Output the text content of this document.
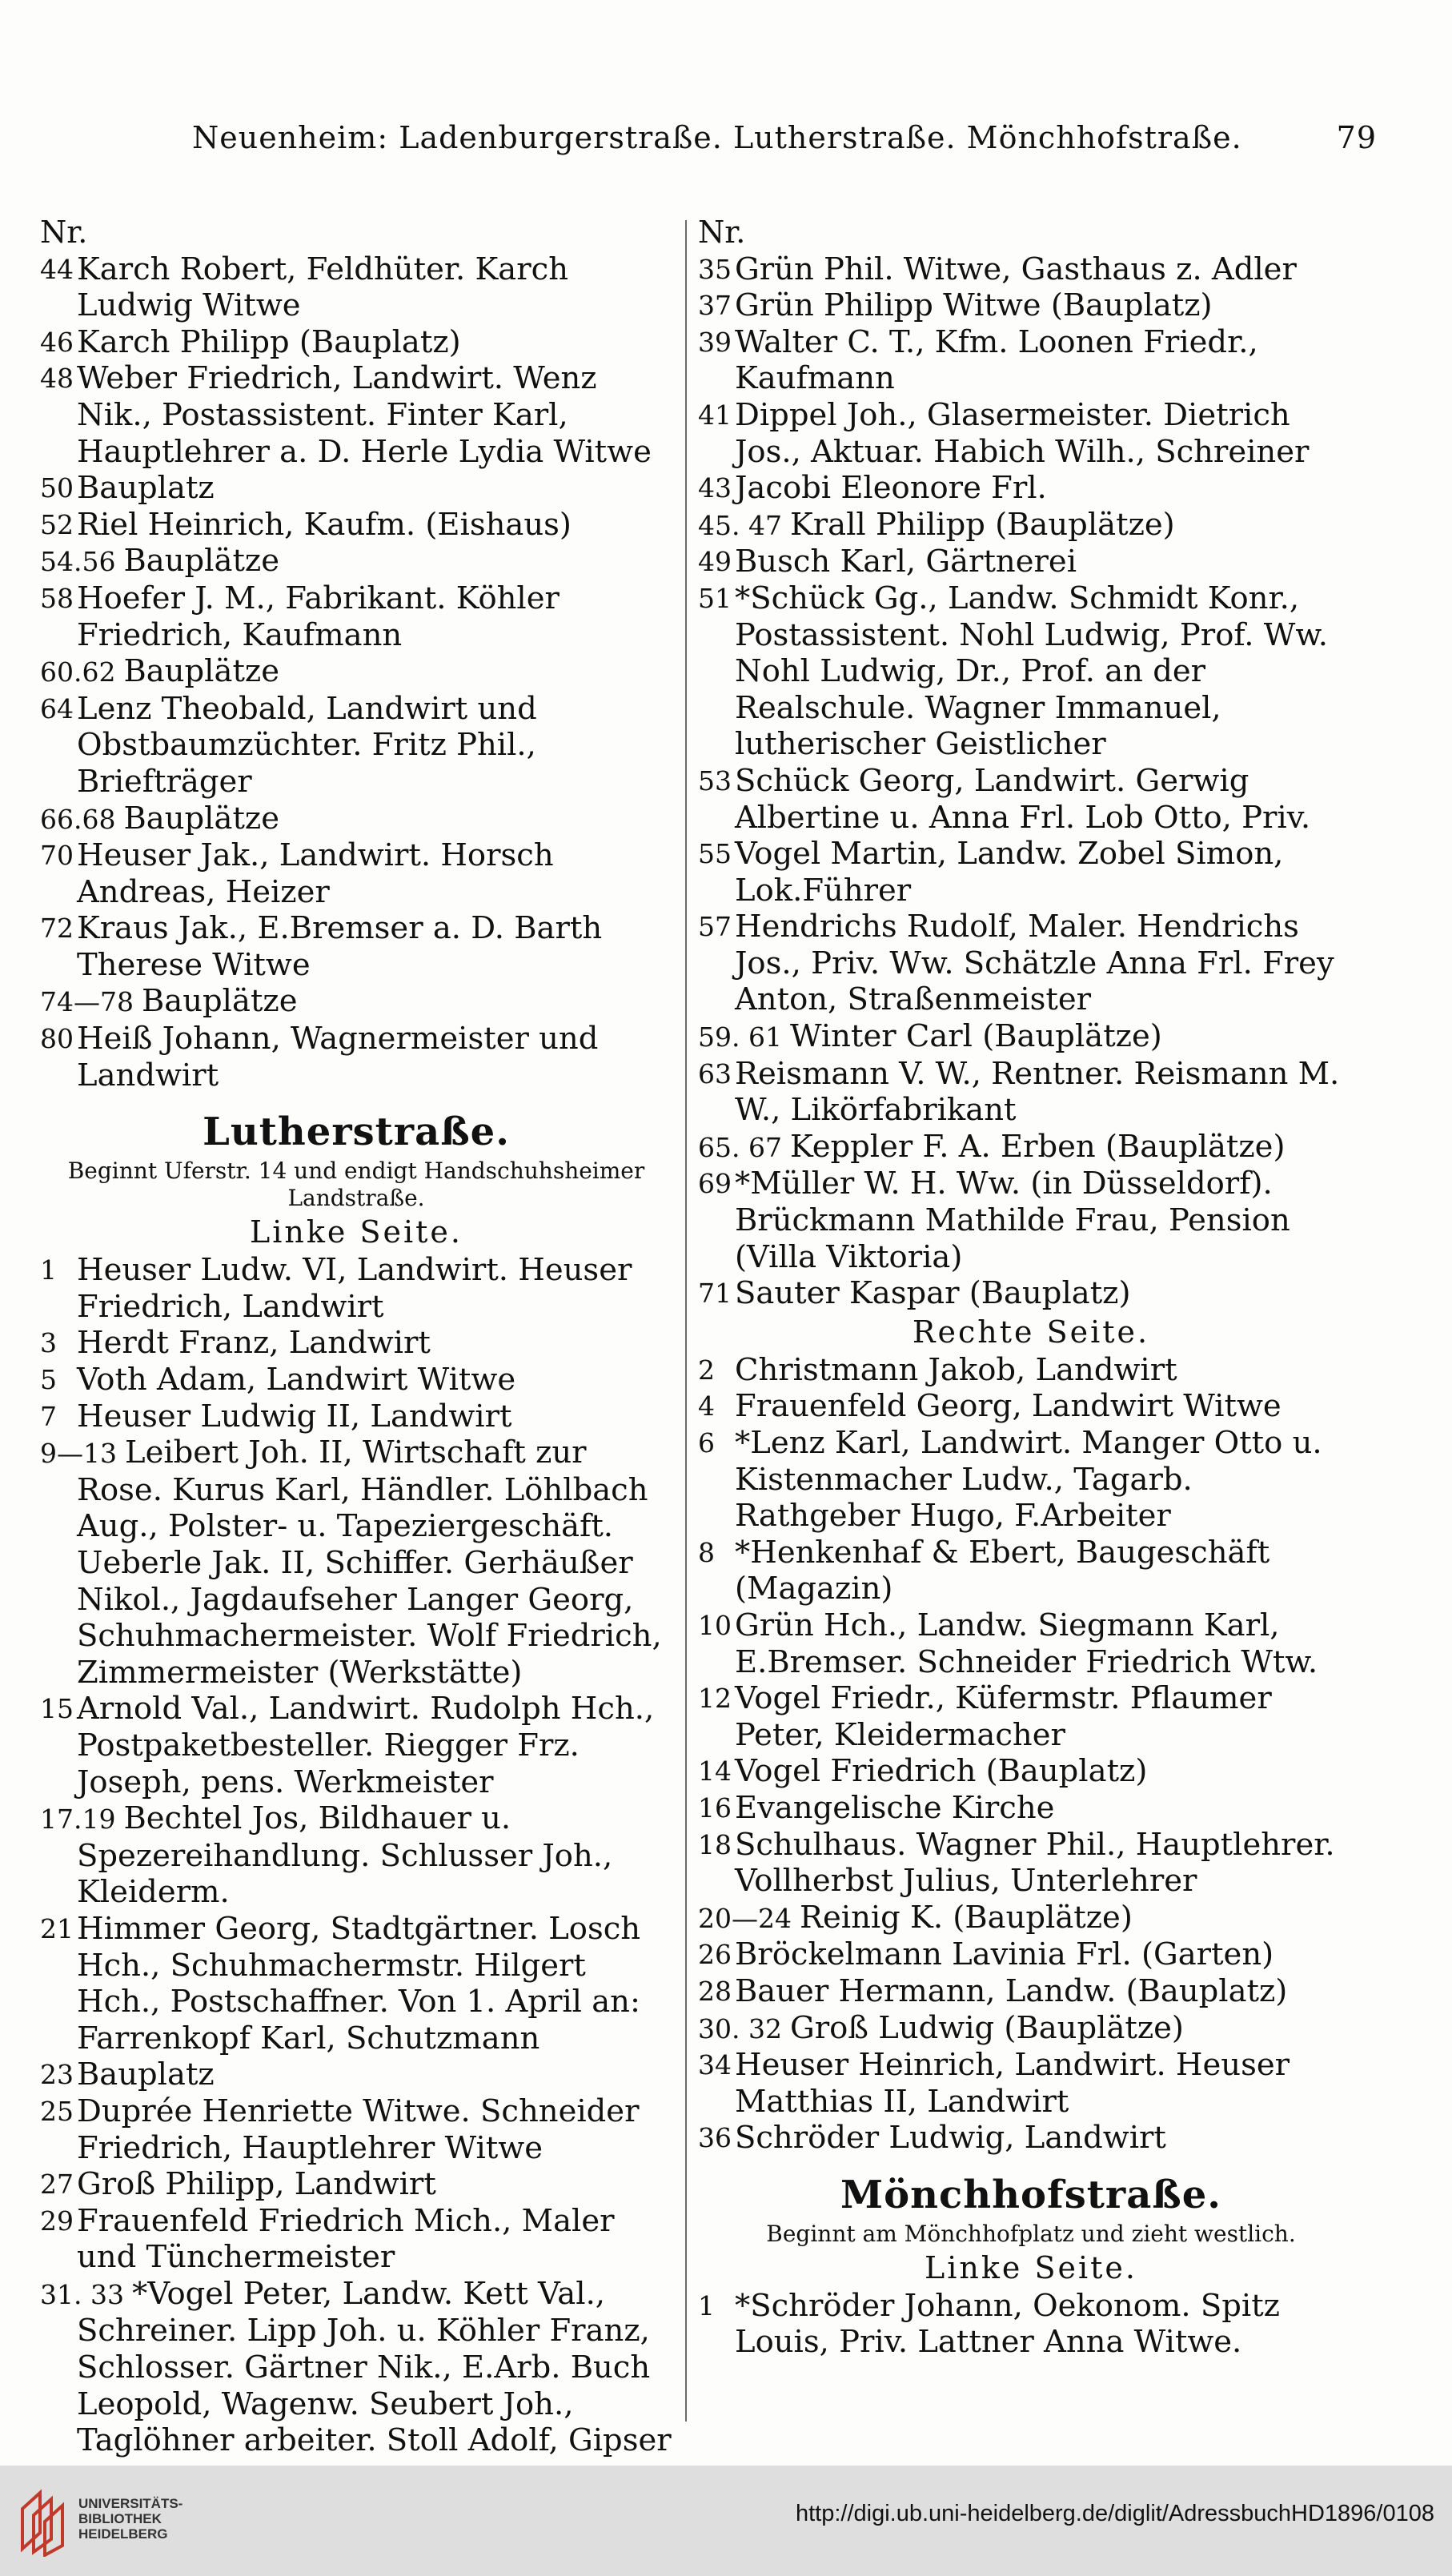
Neuenheim: Ladenburgerstraße. Lutherstraße. Mönchhofstraße.	79
Nr.
44 Karch Robert, Feldhüter. Karch Ludwig Witwe
46 Karch Philipp (Bauplatz)
48 Weber Friedrich, Landwirt. Wenz Nik., Postassistent. Finter Karl, Hauptlehrer a. D. Herle Lydia Witwe
50 Bauplatz
52 Riel Heinrich, Kaufm. (Eishaus)
54.56 Bauplätze
58 Hoefer J. M., Fabrikant. Köhler Friedrich, Kaufmann
60.62 Bauplätze
64 Lenz Theobald, Landwirt und Obstbaumzüchter. Fritz Phil., Briefträger
66.68 Bauplätze
70 Heuser Jak., Landwirt. Horsch Andreas, Heizer
72 Kraus Jak., E.Bremser a. D. Barth Therese Witwe
74—78 Bauplätze
80 Heiß Johann, Wagnermeister und Landwirt
Lutherstraße.
Beginnt Uferstr. 14 und endigt Handschuhsheimer Landstraße.
Linke Seite.
1 Heuser Ludw. VI, Landwirt. Heuser Friedrich, Landwirt
3 Herdt Franz, Landwirt
5 Voth Adam, Landwirt Witwe
7 Heuser Ludwig II, Landwirt
9—13 Leibert Joh. II, Wirtschaft zur Rose. Kurus Karl, Händler. Löhlbach Aug., Polster- u. Tapeziergeschäft. Ueberle Jak. II, Schiffer. Gerhäußer Nikol., Jagdaufseher Langer Georg, Schuhmachermeister. Wolf Friedrich, Zimmermeister (Werkstätte)
15 Arnold Val., Landwirt. Rudolph Hch., Postpaketbesteller. Riegger Frz. Joseph, pens. Werkmeister
17.19 Bechtel Jos, Bildhauer u. Spezereihandlung. Schlusser Joh., Kleiderm.
21 Himmer Georg, Stadtgärtner. Losch Hch., Schuhmachermstr. Hilgert Hch., Postschaffner. Von 1. April an: Farrenkopf Karl, Schutzmann
23 Bauplatz
25 Duprée Henriette Witwe. Schneider Friedrich, Hauptlehrer Witwe
27 Groß Philipp, Landwirt
29 Frauenfeld Friedrich Mich., Maler und Tünchermeister
31. 33 *Vogel Peter, Landw. Kett Val., Schreiner. Lipp Joh. u. Köhler Franz, Schlosser. Gärtner Nik., E.Arb. Buch Leopold, Wagenw. Seubert Joh., Taglöhner arbeiter. Stoll Adolf, Gipser
Nr.
35 Grün Phil. Witwe, Gasthaus z. Adler
37 Grün Philipp Witwe (Bauplatz)
39 Walter C. T., Kfm. Loonen Friedr., Kaufmann
41 Dippel Joh., Glasermeister. Dietrich Jos., Aktuar. Habich Wilh., Schreiner
43 Jacobi Eleonore Frl.
45. 47 Krall Philipp (Bauplätze)
49 Busch Karl, Gärtnerei
51 *Schück Gg., Landw. Schmidt Konr., Postassistent. Nohl Ludwig, Prof. Ww. Nohl Ludwig, Dr., Prof. an der Realschule. Wagner Immanuel, lutherischer Geistlicher
53 Schück Georg, Landwirt. Gerwig Albertine u. Anna Frl. Lob Otto, Priv.
55 Vogel Martin, Landw. Zobel Simon, Lok.Führer
57 Hendrichs Rudolf, Maler. Hendrichs Jos., Priv. Ww. Schätzle Anna Frl. Frey Anton, Straßenmeister
59. 61 Winter Carl (Bauplätze)
63 Reismann V. W., Rentner. Reismann M. W., Likörfabrikant
65. 67 Keppler F. A. Erben (Bauplätze)
69 *Müller W. H. Ww. (in Düsseldorf). Brückmann Mathilde Frau, Pension (Villa Viktoria)
71 Sauter Kaspar (Bauplatz)
Rechte Seite.
2 Christmann Jakob, Landwirt
4 Frauenfeld Georg, Landwirt Witwe
6 *Lenz Karl, Landwirt. Manger Otto u. Kistenmacher Ludw., Tagarb. Rathgeber Hugo, F.Arbeiter
8 *Henkenhaf & Ebert, Baugeschäft (Magazin)
10 Grün Hch., Landw. Siegmann Karl, E.Bremser. Schneider Friedrich Wtw.
12 Vogel Friedr., Küfermstr. Pflaumer Peter, Kleidermacher
14 Vogel Friedrich (Bauplatz)
16 Evangelische Kirche
18 Schulhaus. Wagner Phil., Hauptlehrer. Vollherbst Julius, Unterlehrer
20—24 Reinig K. (Bauplätze)
26 Bröckelmann Lavinia Frl. (Garten)
28 Bauer Hermann, Landw. (Bauplatz)
30. 32 Groß Ludwig (Bauplätze)
34 Heuser Heinrich, Landwirt. Heuser Matthias II, Landwirt
36 Schröder Ludwig, Landwirt
Mönchhofstraße.
Beginnt am Mönchhofplatz und zieht westlich.
Linke Seite.
1 *Schröder Johann, Oekonom. Spitz Louis, Priv. Lattner Anna Witwe.
UNIVERSITÄTS-
BIBLIOTHEK
HEIDELBERG
http://digi.ub.uni-heidelberg.de/diglit/AdressbuchHD1896/0108
